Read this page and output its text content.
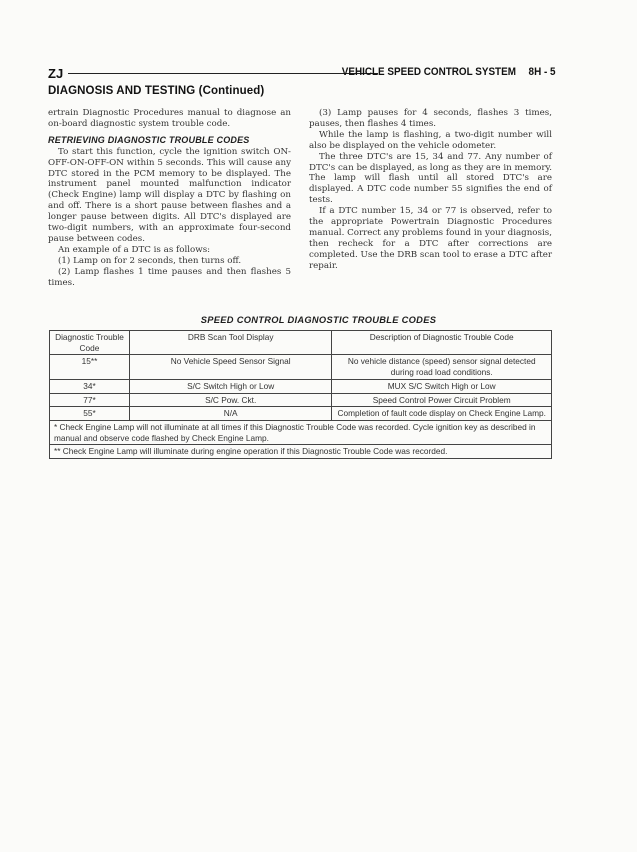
ZJ	VEHICLE SPEED CONTROL SYSTEM 8H - 5
DIAGNOSIS AND TESTING (Continued)

ertrain Diagnostic Procedures manual to diagnose an on-board diagnostic system trouble code.

RETRIEVING DIAGNOSTIC TROUBLE CODES

To start this function, cycle the ignition switch ON-OFF-ON-OFF-ON within 5 seconds. This will cause any DTC stored in the PCM memory to be displayed. The instrument panel mounted malfunction indicator (Check Engine) lamp will display a DTC by flashing on and off. There is a short pause between flashes and a longer pause between digits. All DTC's displayed are two-digit numbers, with an approximate four-second pause between codes.

An example of a DTC is as follows:

(1) Lamp on for 2 seconds, then turns off.

(2) Lamp flashes 1 time pauses and then flashes 5 times.

(3) Lamp pauses for 4 seconds, flashes 3 times, pauses, then flashes 4 times.

While the lamp is flashing, a two-digit number will also be displayed on the vehicle odometer.

The three DTC's are 15, 34 and 77. Any number of DTC's can be displayed, as long as they are in memory. The lamp will flash until all stored DTC's are displayed. A DTC code number 55 signifies the end of tests.

If a DTC number 15, 34 or 77 is observed, refer to the appropriate Powertrain Diagnostic Procedures manual. Correct any problems found in your diagnosis, then recheck for a DTC after corrections are completed. Use the DRB scan tool to erase a DTC after repair.

SPEED CONTROL DIAGNOSTIC TROUBLE CODES
Diagnostic Trouble Code	DRB Scan Tool Display	Description of Diagnostic Trouble Code
15**	No Vehicle Speed Sensor Signal	No vehicle distance (speed) sensor signal detected during road load conditions.
34*	S/C Switch High or Low	MUX S/C Switch High or Low
77*	S/C Pow. Ckt.	Speed Control Power Circuit Problem
55*	N/A	Completion of fault code display on Check Engine Lamp.
* Check Engine Lamp will not illuminate at all times if this Diagnostic Trouble Code was recorded. Cycle ignition key as described in manual and observe code flashed by Check Engine Lamp.		
** Check Engine Lamp will illuminate during engine operation if this Diagnostic Trouble Code was recorded.		
